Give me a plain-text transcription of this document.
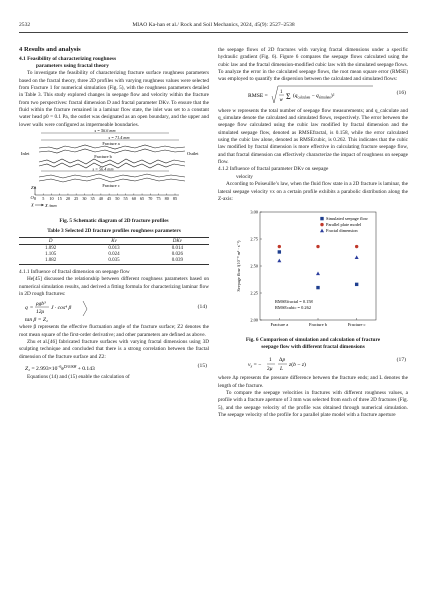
2532	MIAO Ka-han et al./ Rock and Soil Mechanics, 2024, 45(9): 2527–2538
4 Results and analysis
4.1 Feasibility of characterizing roughness
parameters using fractal theory

To investigate the feasibility of characterizing fracture surface roughness parameters based on the fractal theory, three 2D profiles with varying roughness values were selected from Fracture 1 for numerical simulation (Fig. 5), with the roughness parameters detailed in Table 3. This study explored changes in seepage flow and velocity within the fracture from two perspectives: fractal dimension D and fractal parameter DKv. To ensure that the fluid within the fracture remained in a laminar flow state, the inlet was set to a constant water head p0 = 0.1 Pa, the outlet was designated as an open boundary, and the upper and lower walls were configured as impermeable boundaries.

s = 56.6 mm
s = 71.4 mm
Inlet	Outlet
Fracture a
Fracture b
s = 56.4 mm
Fracture c
Z
O 0 5 10 15 20 25 30 35 40 45 50 55 60 65 70 75 80 85
X	X /mm
Fig. 5 Schematic diagram of 2D fracture profiles
Table 3 Selected 2D fracture profiles roughness parameters
D	Kv	DKv
1.092	0.013	0.014
1.105	0.024	0.026
1.082	0.035	0.039
4.1.1 Influence of fractal dimension on seepage flow

He[45] discussed the relationship between different roughness parameters based on numerical simulation results, and derived a fitting formula for characterizing laminar flow in 2D rough fractures:

q =
ρgb³
12μ
J · cos⁴ β
tan β = Z₂
(14)

where β represents the effective fluctuation angle of the fracture surface; Z2 denotes the root mean square of the first-order derivative; and other parameters are defined as above.

Zhu et al.[46] fabricated fracture surfaces with varying fractal dimensions using 3D sculpting technique and concluded that there is a strong correlation between the fractal dimension of the fracture surface and Z2:

$Z_2 = 2.993\times 10^{-6}e^{D/0.908} + 0.143$	(15)

Equations (14) and (15) enable the calculation of

the seepage flows of 2D fractures with varying fractal dimensions under a specific hydraulic gradient (Fig. 6). Figure 6 compares the seepage flows calculated using the cubic law and the fractal dimension-modified cubic law with the simulated seepage flows. To analyze the error in the calculated seepage flows, the root mean square error (RMSE) was employed to quantify the dispersion between the calculated and simulated flows:

RMSE =
1
w Σ $(q_{calculate} - q_{simulate})^2$	(16)

where w represents the total number of seepage flow measurements; and q_calculate and q_simulate denote the calculated and simulated flows, respectively. The error between the seepage flow calculated using the cubic law modified by fractal dimension and the simulated seepage flow, denoted as RMSEfractal, is 0.158, while the error calculated using the cubic law alone, denoted as RMSEcubic, is 0.262. This indicates that the cubic law modified by fractal dimension is more effective in calculating fracture seepage flow, and that fractal dimension can effectively characterize the impact of roughness on seepage flow.

4.1.2 Influence of fractal parameter DKv on seepage
velocity

According to Poiseuille’s law, when the fluid flow state in a 2D fracture is laminar, the lateral seepage velocity vx on a certain profile exhibits a parabolic distribution along the Z-axis:

2.00
2.25
2.50
2.75
3.00
Fracture a	Fracture b	Fracture c
Seepage flow /(10⁻⁹ m² · s⁻¹)
Simulated seepage flow
Parallel plate model
Fractal dimension
RMSEfractal = 0.158
RMSEcubic = 0.262
Fig. 6 Comparison of simulation and calculation of fracture
seepage flow with different fractal dimensions
$v_x$ = −
1
2μ
Δp
L
z(b − z)
(17)

where Δp represents the pressure difference between the fracture ends; and L denotes the length of the fracture.

To compare the seepage velocities in fractures with different roughness values, a profile with a fracture aperture of 3 mm was selected from each of three 2D fractures (Fig. 5), and the seepage velocity of the profile was obtained through numerical simulation. The seepage velocity of the profile for a parallel plate model with a fracture aperture
